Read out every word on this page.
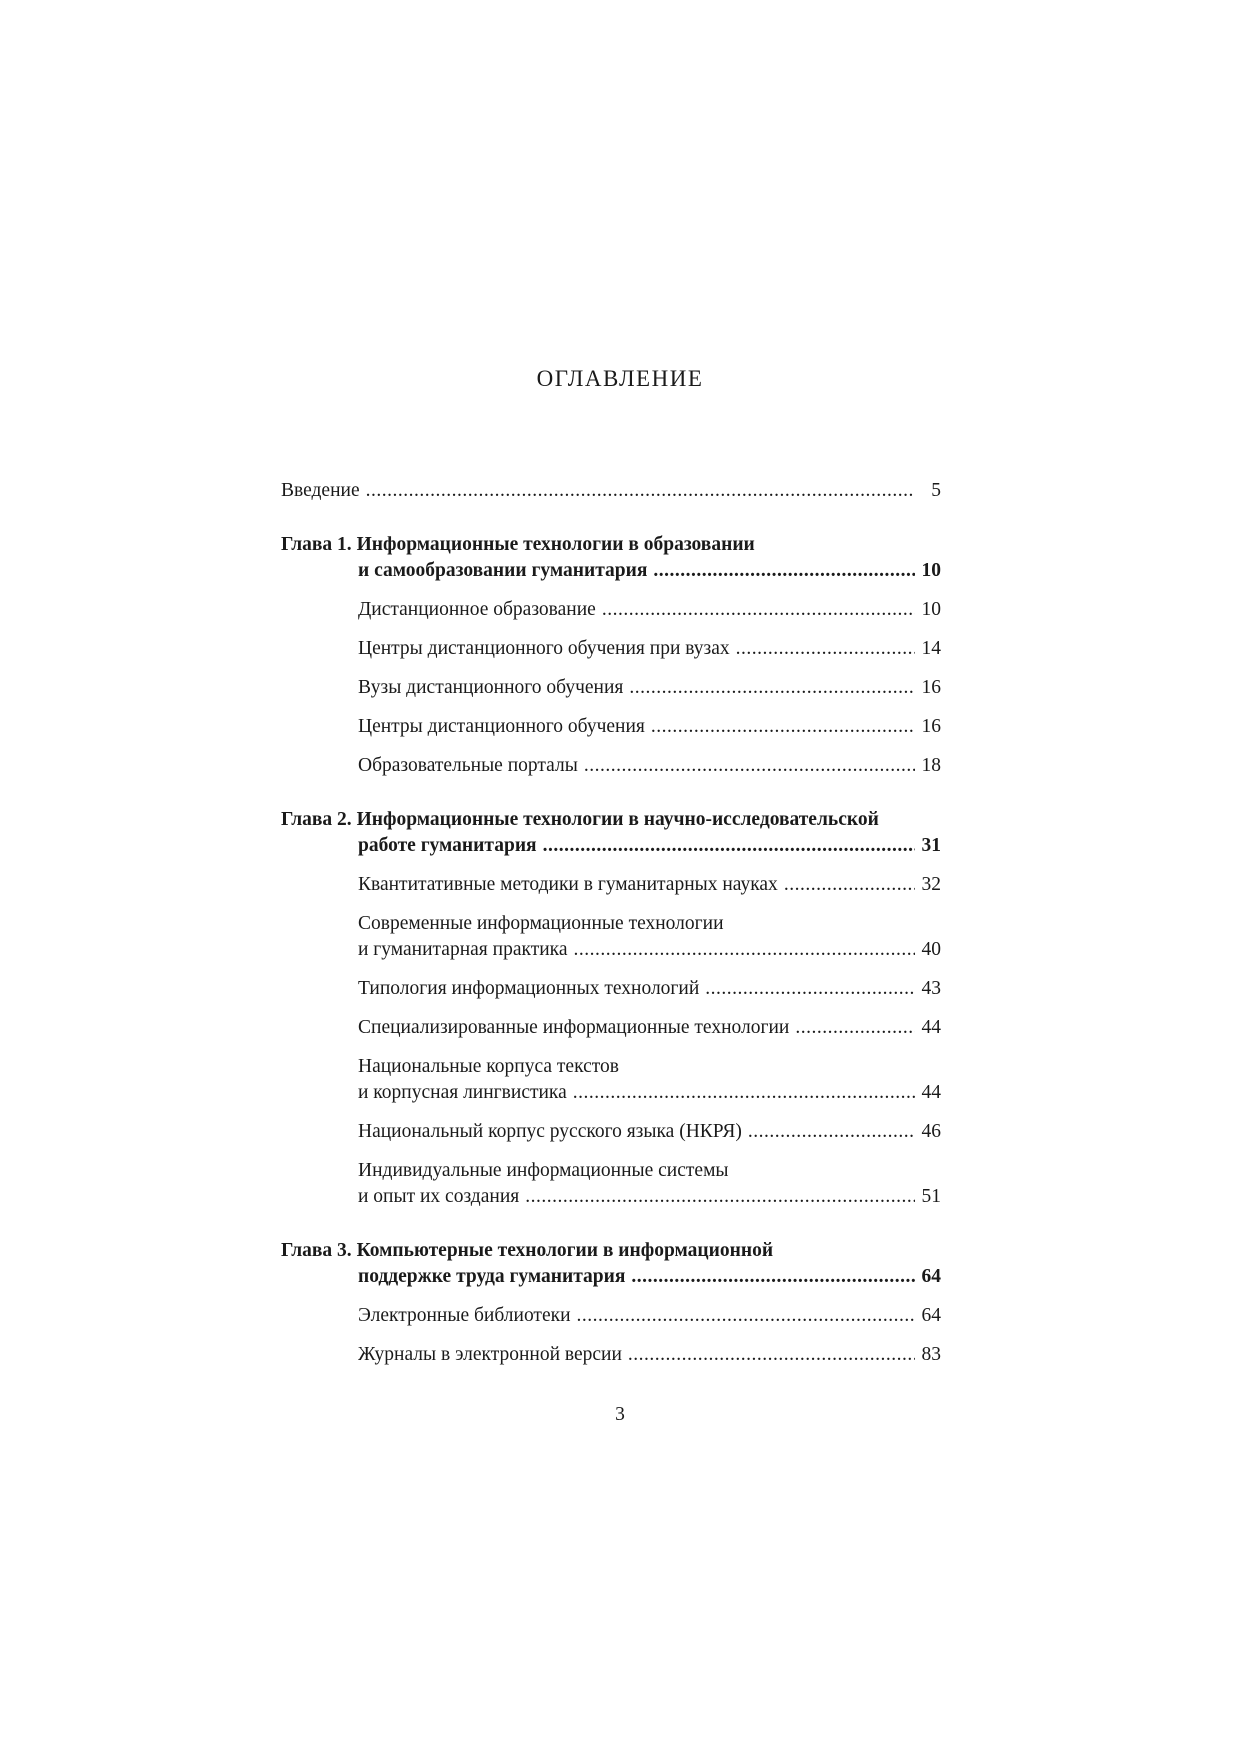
ОГЛАВЛЕНИЕ
Введение .....	5
Глава 1.
Информационные технологии в образовании
и самообразовании гуманитария .....	10
Дистанционное образование .....	10
Центры дистанционного обучения при вузах .....	14
Вузы дистанционного обучения .....	16
Центры дистанционного обучения .....	16
Образовательные порталы .....	18
Глава 2.
Информационные технологии в научно-исследовательской
работе гуманитария .....	31
Квантитативные методики в гуманитарных науках .....	32
Современные информационные технологии
и гуманитарная практика .....	40
Типология информационных технологий .....	43
Специализированные информационные технологии .....	44
Национальные корпуса текстов
и корпусная лингвистика .....	44
Национальный корпус русского языка (НКРЯ) .....	46
Индивидуальные информационные системы
и опыт их создания .....	51
Глава 3.
Компьютерные технологии в информационной
поддержке труда гуманитария .....	64
Электронные библиотеки .....	64
Журналы в электронной версии .....	83
3
